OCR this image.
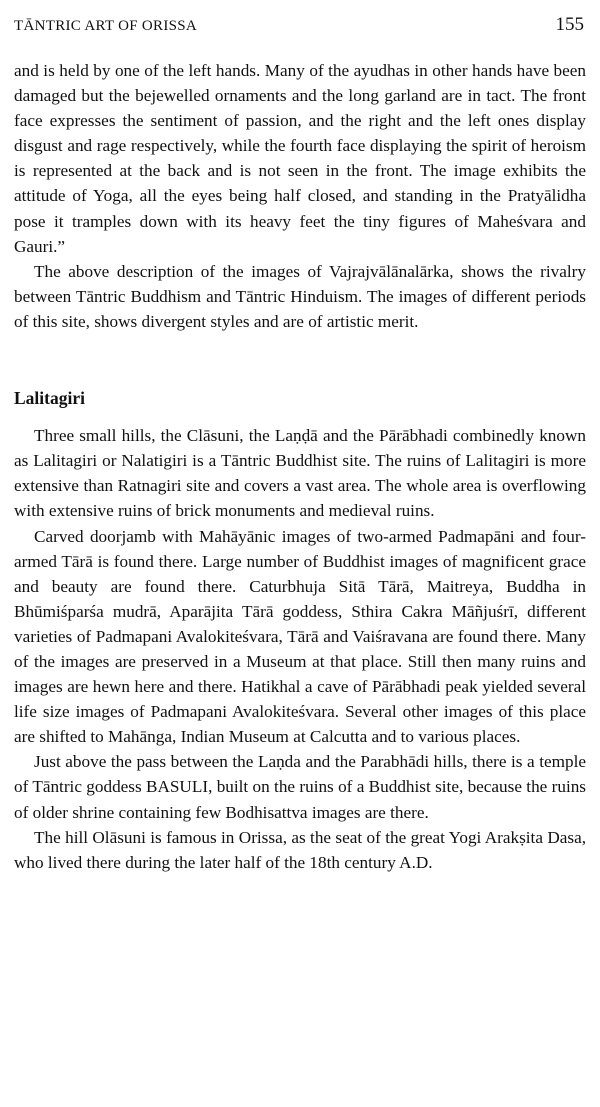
TĀNTRIC ART OF ORISSA	155

and is held by one of the left hands. Many of the ayudhas in other hands have been damaged but the bejewelled ornaments and the long garland are in tact. The front face expresses the sentiment of passion, and the right and the left ones display disgust and rage respectively, while the fourth face displaying the spirit of heroism is represented at the back and is not seen in the front. The image exhibits the attitude of Yoga, all the eyes being half closed, and standing in the Pratyālidha pose it tramples down with its heavy feet the tiny figures of Maheśvara and Gauri.”

The above description of the images of Vajrajvālānalārka, shows the rivalry between Tāntric Buddhism and Tāntric Hinduism. The images of different periods of this site, shows divergent styles and are of artistic merit.

Lalitagiri

Three small hills, the Clāsuni, the Laṇḍā and the Pārābhadi combinedly known as Lalitagiri or Nalatigiri is a Tāntric Buddhist site. The ruins of Lalitagiri is more extensive than Ratnagiri site and covers a vast area. The whole area is overflowing with extensive ruins of brick monuments and medieval ruins.

Carved doorjamb with Mahāyānic images of two-armed Padmapāni and four-armed Tārā is found there. Large number of Buddhist images of magnificent grace and beauty are found there. Caturbhuja Sitā Tārā, Maitreya, Buddha in Bhūmiśparśa mudrā, Aparājita Tārā goddess, Sthira Cakra Māñjuśrī, different varieties of Padmapani Avalokiteśvara, Tārā and Vaiśravana are found there. Many of the images are preserved in a Museum at that place. Still then many ruins and images are hewn here and there. Hatikhal a cave of Pārābhadi peak yielded several life size images of Padmapani Avalokiteśvara. Several other images of this place are shifted to Mahānga, Indian Museum at Calcutta and to various places.

Just above the pass between the Laṇda and the Parabhādi hills, there is a temple of Tāntric goddess BASULI, built on the ruins of a Buddhist site, because the ruins of older shrine containing few Bodhisattva images are there.

The hill Olāsuni is famous in Orissa, as the seat of the great Yogi Arakṣita Dasa, who lived there during the later half of the 18th century A.D.
